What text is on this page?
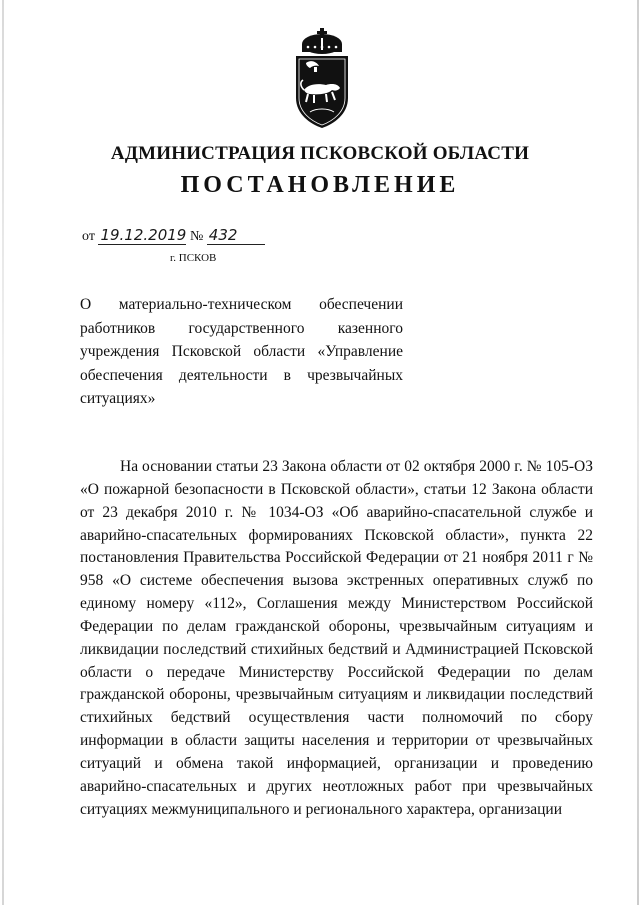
АДМИНИСТРАЦИЯ ПСКОВСКОЙ ОБЛАСТИ
ПОСТАНОВЛЕНИЕ
от 19.12.2019 № 432
г. ПСКОВ
О материально-техническом обеспечении работников государственного казенного учреждения Псковской области «Управление обеспечения деятельности в чрезвычайных ситуациях»
На основании статьи 23 Закона области от 02 октября 2000 г. № 105-ОЗ «О пожарной безопасности в Псковской области», статьи 12 Закона области от 23 декабря 2010 г. № 1034-ОЗ «Об аварийно-спасательной службе и аварийно-спасательных формированиях Псковской области», пункта 22 постановления Правительства Российской Федерации от 21 ноября 2011 г № 958 «О системе обеспечения вызова экстренных оперативных служб по единому номеру «112», Соглашения между Министерством Российской Федерации по делам гражданской обороны, чрезвычайным ситуациям и ликвидации последствий стихийных бедствий и Администрацией Псковской области о передаче Министерству Российской Федерации по делам гражданской обороны, чрезвычайным ситуациям и ликвидации последствий стихийных бедствий осуществления части полномочий по сбору информации в области защиты населения и территории от чрезвычайных ситуаций и обмена такой информацией, организации и проведению аварийно-спасательных и других неотложных работ при чрезвычайных ситуациях межмуниципального и регионального характера, организации
